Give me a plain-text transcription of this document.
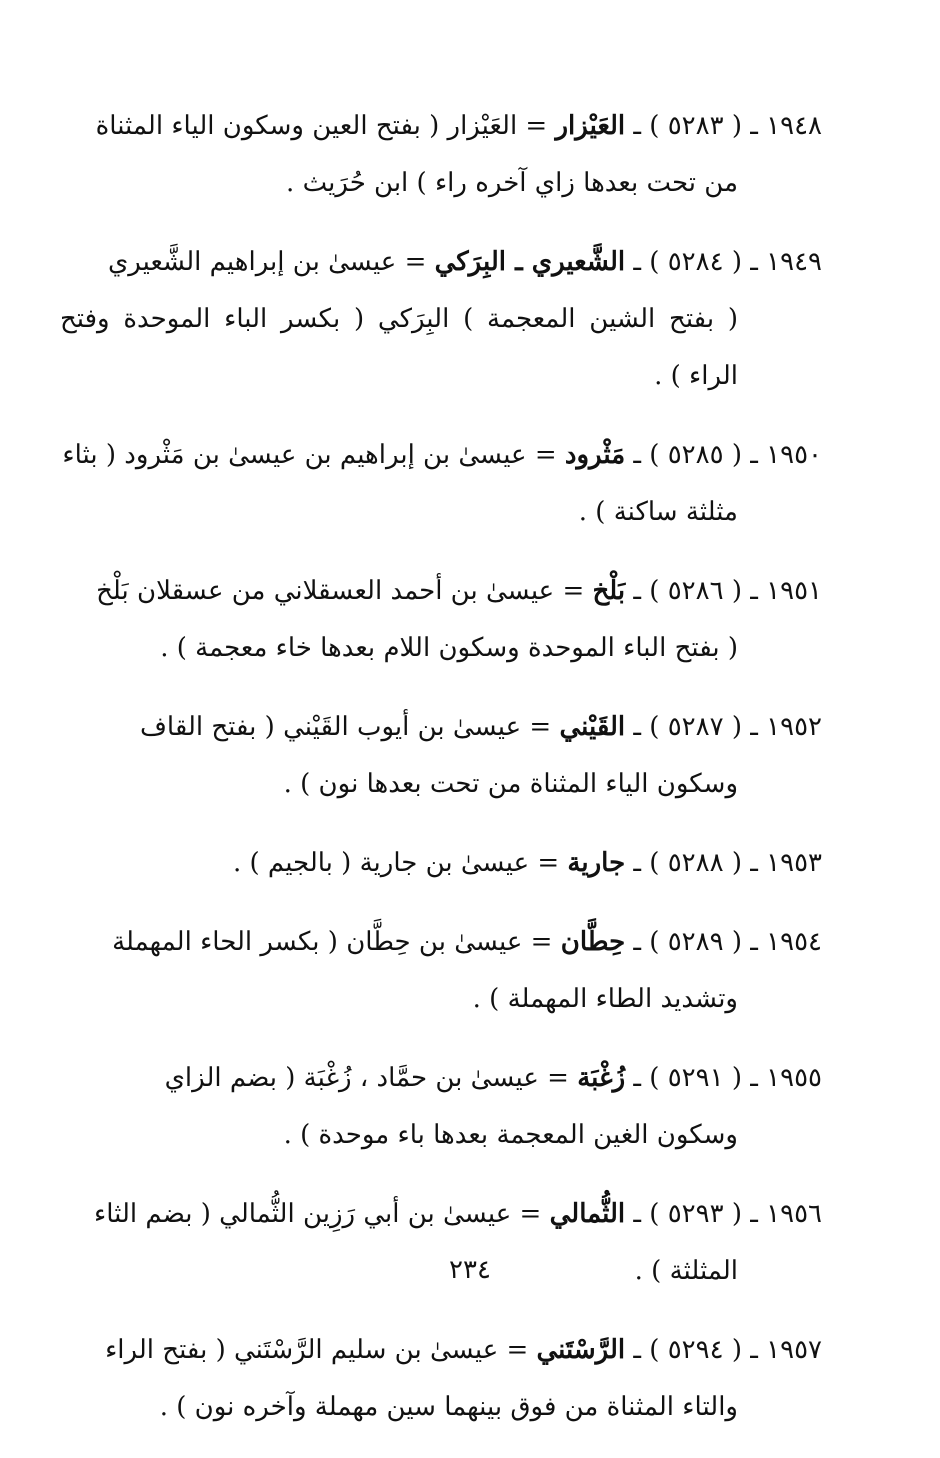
١٩٤٨ ـ ( ٥٢٨٣ ) ـ العَيْزار = العَيْزار ( بفتح العين وسكون الياء المثناة
من تحت بعدها زاي آخره راء ) ابن حُرَيث .
١٩٤٩ ـ ( ٥٢٨٤ ) ـ الشَّعيري ـ البِرَكي = عيسىٰ بن إبراهيم الشَّعيري
( بفتح الشين المعجمة ) البِرَكي ( بكسر الباء الموحدة وفتح الراء ) .
١٩٥٠ ـ ( ٥٢٨٥ ) ـ مَثْرود = عيسىٰ بن إبراهيم بن عيسىٰ بن مَثْرود ( بثاء
مثلثة ساكنة ) .
١٩٥١ ـ ( ٥٢٨٦ ) ـ بَلْخ = عيسىٰ بن أحمد العسقلاني من عسقلان بَلْخ
( بفتح الباء الموحدة وسكون اللام بعدها خاء معجمة ) .
١٩٥٢ ـ ( ٥٢٨٧ ) ـ القَيْني = عيسىٰ بن أيوب القَيْني ( بفتح القاف
وسكون الياء المثناة من تحت بعدها نون ) .
١٩٥٣ ـ ( ٥٢٨٨ ) ـ جارية = عيسىٰ بن جارية ( بالجيم ) .
١٩٥٤ ـ ( ٥٢٨٩ ) ـ حِطَّان = عيسىٰ بن حِطَّان ( بكسر الحاء المهملة
وتشديد الطاء المهملة ) .
١٩٥٥ ـ ( ٥٢٩١ ) ـ زُغْبَة = عيسىٰ بن حمَّاد ، زُغْبَة ( بضم الزاي
وسكون الغين المعجمة بعدها باء موحدة ) .
١٩٥٦ ـ ( ٥٢٩٣ ) ـ الثُّمالي = عيسىٰ بن أبي رَزِين الثُّمالي ( بضم الثاء
المثلثة ) .
١٩٥٧ ـ ( ٥٢٩٤ ) ـ الرَّسْتَني = عيسىٰ بن سليم الرَّسْتَني ( بفتح الراء
والتاء المثناة من فوق بينهما سين مهملة وآخره نون ) .
٢٣٤
